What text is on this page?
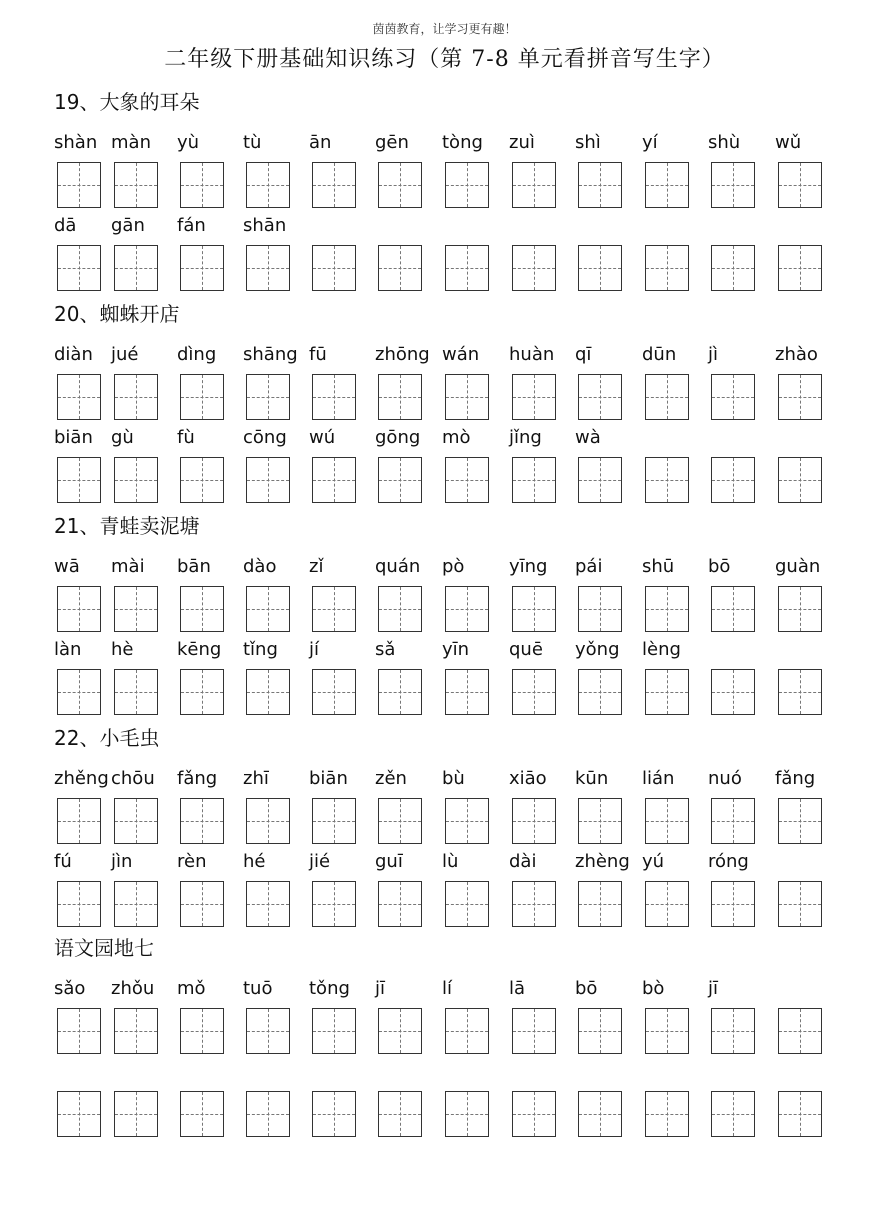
茵茵教育，让学习更有趣！
二年级下册基础知识练习（第 7-8 单元看拼音写生字）
19、大象的耳朵
shàn màn yù tù	ān gēn tòng zuì shì yí	shù wǔ
dā gān fán shān
20、蜘蛛开店
diàn jué dìng shāng fū	zhōng wán huàn qī	dūn jì	zhào
biān gù fù	cōng wú gōng mò jǐng wà
21、青蛙卖泥塘
wā mài bān dào zǐ	quán pò yīng pái shū bō guàn
làn hè kēng tǐng jí	sǎ	yīn quē yǒng lèng
22、小毛虫
zhěng chōu fǎng zhī biān zěn bù xiāo kūn lián nuó fǎng
fú jìn rèn hé jié guī lù	dài zhèng yú róng
语文园地七
sǎo zhǒu mǒ tuō tǒng jī	lí	lā	bō bò jī
